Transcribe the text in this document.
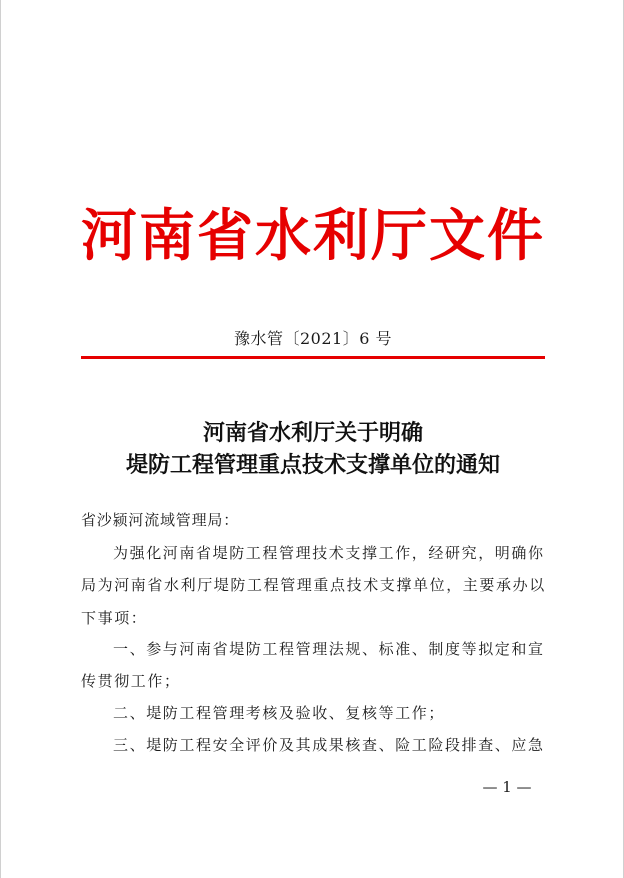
河南省水利厅文件
豫水管〔2021〕6 号
河南省水利厅关于明确
堤防工程管理重点技术支撑单位的通知
省沙颍河流域管理局：
为强化河南省堤防工程管理技术支撑工作，经研究，明确你
局为河南省水利厅堤防工程管理重点技术支撑单位，主要承办以
下事项：
一、参与河南省堤防工程管理法规、标准、制度等拟定和宣
传贯彻工作；
二、堤防工程管理考核及验收、复核等工作；
三、堤防工程安全评价及其成果核查、险工险段排查、应急
— 1 —
